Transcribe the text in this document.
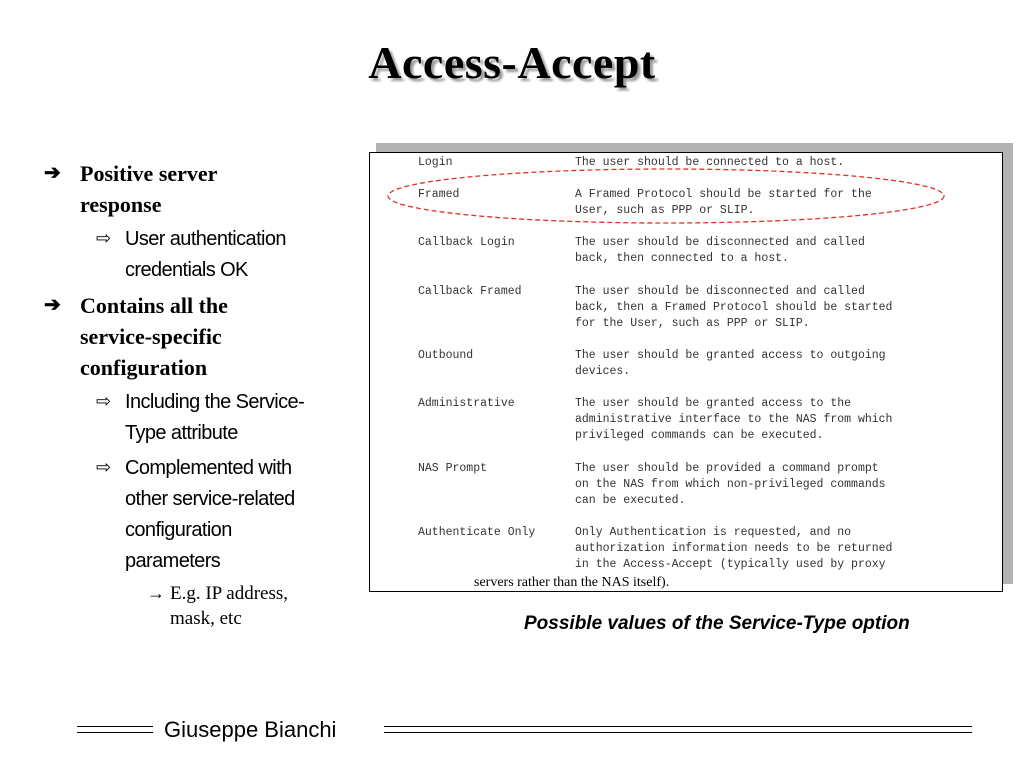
Access-Accept
➔ Positive server
response
⇨ User authentication
credentials OK
➔ Contains all the
service-specific
configuration
⇨ Including the Service-
Type attribute
⇨ Complemented with
other service-related
configuration
parameters
→ E.g. IP address,
mask, etc
Login	The user should be connected to a host.
Framed	A Framed Protocol should be started for the
User, such as PPP or SLIP.
Callback Login	The user should be disconnected and called
back, then connected to a host.
Callback Framed	The user should be disconnected and called
back, then a Framed Protocol should be started
for the User, such as PPP or SLIP.
Outbound	The user should be granted access to outgoing
devices.
Administrative	The user should be granted access to the
administrative interface to the NAS from which
privileged commands can be executed.
NAS Prompt	The user should be provided a command prompt
on the NAS from which non-privileged commands
can be executed.
Authenticate Only	Only Authentication is requested, and no
authorization information needs to be returned
in the Access-Accept (typically used by proxy
servers rather than the NAS itself).
Possible values of the Service-Type option
Giuseppe Bianchi
